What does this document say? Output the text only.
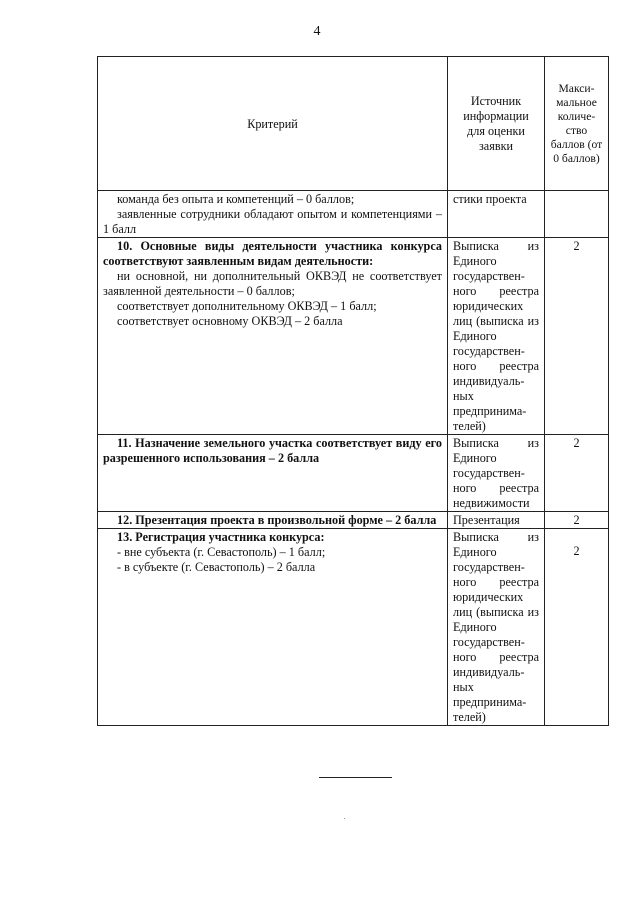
4
Критерий	Источник информации для оценки заявки	Макси-мальное количе-ство баллов (от 0 баллов)

команда без опыта и компетенций – 0 баллов;

заявленные сотрудники обладают опытом и компетенциями – 1 балл	стики проекта	

10. Основные виды деятельности участника конкурса соответствуют заявленным видам деятельности:

ни основной, ни дополнительный ОКВЭД не соответствует заявленной деятельности – 0 баллов;

соответствует дополнительному ОКВЭД – 1 балл;

соответствует основному ОКВЭД – 2 балла	Выписка из Единого государствен-ного реестра юридических лиц (выписка из Единого государствен-ного реестра индивидуаль-ных предпринима-телей)	2

11. Назначение земельного участка соответствует виду его разрешенного использования – 2 балла	Выписка из Единого государствен-ного реестра недвижимости	2

12. Презентация проекта в произвольной форме – 2 балла	Презентация	2

13. Регистрация участника конкурса:

- вне субъекта (г. Севастополь) – 1 балл;

- в субъекте (г. Севастополь) – 2 балла	Выписка из Единого государствен-ного реестра юридических лиц (выписка из Единого государствен-ного реестра индивидуаль-ных предпринима-телей)	2
